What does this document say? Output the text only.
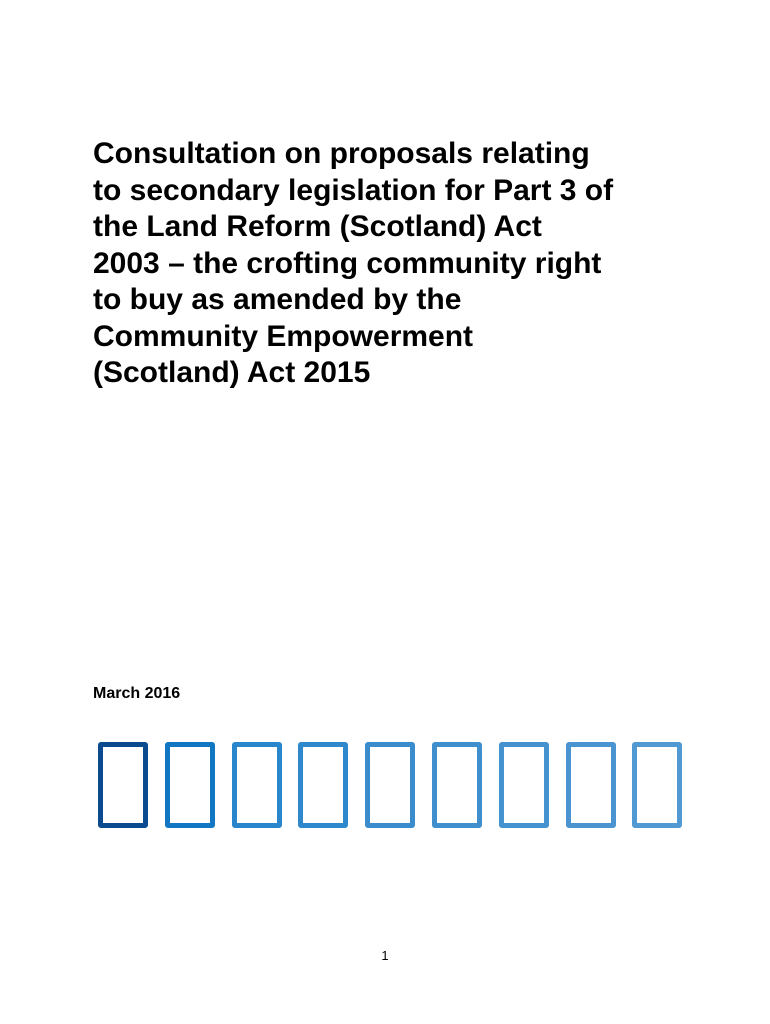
Consultation on proposals relating
to secondary legislation for Part 3 of
the Land Reform (Scotland) Act
2003 – the crofting community right
to buy as amended by the
Community Empowerment
(Scotland) Act 2015

March 2016

1
